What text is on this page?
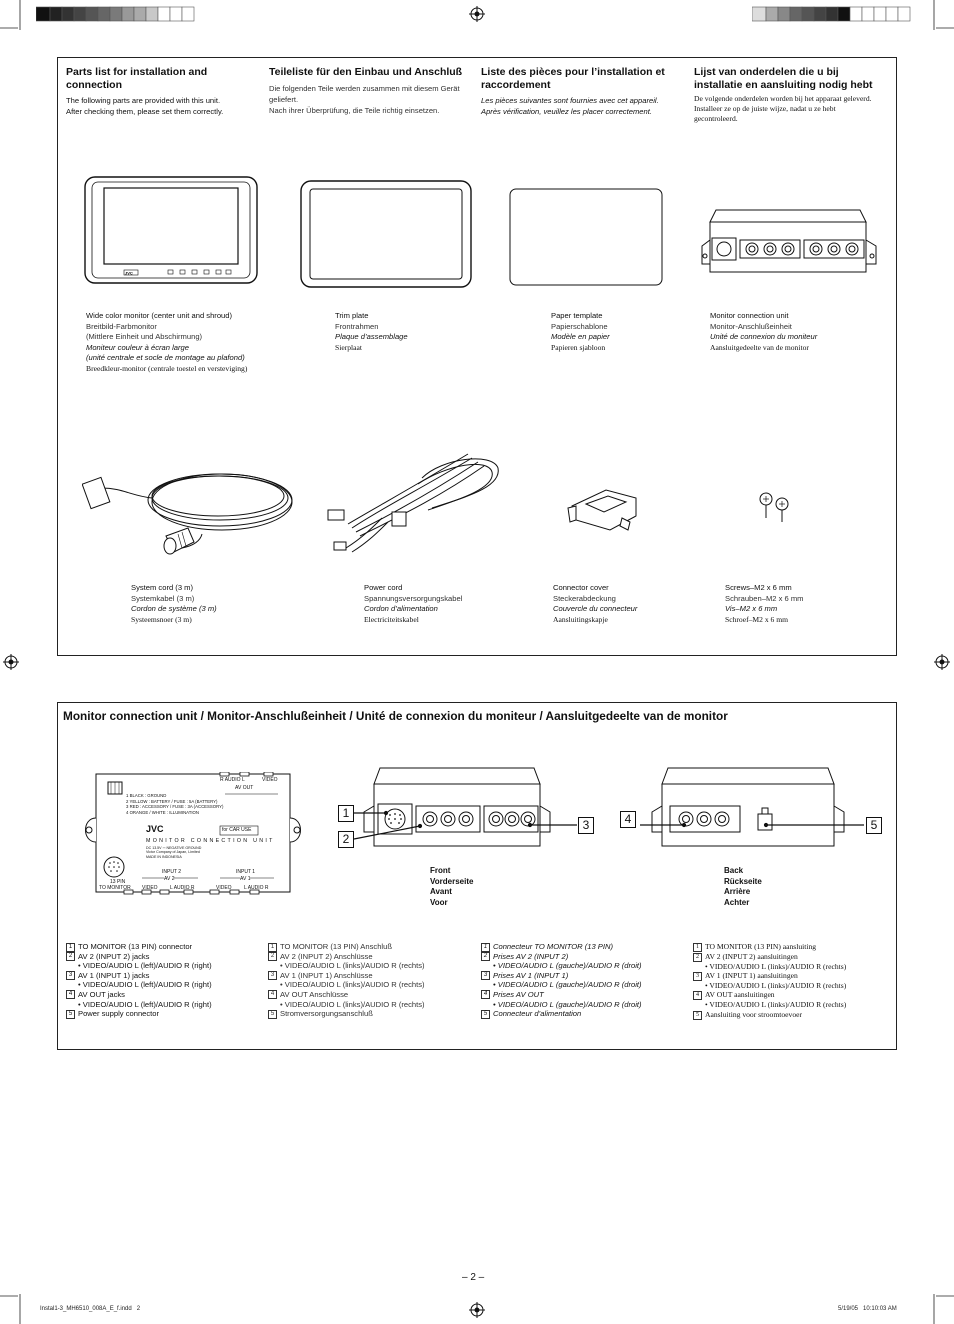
Parts list for installation and connection
The following parts are provided with this unit.
After checking them, please set them correctly.
Teileliste für den Einbau und Anschluß
Die folgenden Teile werden zusammen mit diesem Gerät geliefert.
Nach ihrer Überprüfung, die Teile richtig einsetzen.
Liste des pièces pour l’installation et raccordement
Les pièces suivantes sont fournies avec cet appareil.
Après vérification, veuillez les placer correctement.
Lijst van onderdelen die u bij installatie en aansluiting nodig hebt
De volgende onderdelen worden bij het apparaat geleverd.
Installeer ze op de juiste wijze, nadat u ze hebt gecontroleerd.
JVC
Wide color monitor (center unit and shroud)
Breitbild-Farbmonitor
(Mittlere Einheit und Abschirmung)
Moniteur couleur à écran large
(unité centrale et socle de montage au plafond)
Breedkleur-monitor (centrale toestel en versteviging)
Trim plate
Frontrahmen
Plaque d’assemblage
Sierplaat
Paper template
Papierschablone
Modèle en papier
Papieren sjabloon
Monitor connection unit
Monitor-Anschlußeinheit
Unité de connexion du moniteur
Aansluitgedeelte van de monitor
System cord (3 m)
Systemkabel (3 m)
Cordon de système (3 m)
Systeemsnoer (3 m)
Power cord
Spannungsversorgungskabel
Cordon d’alimentation
Electriciteitskabel
Connector cover
Steckerabdeckung
Couvercle du connecteur
Aansluitingskapje
Screws–M2 x 6 mm
Schrauben–M2 x 6 mm
Vis–M2 x 6 mm
Schroef–M2 x 6 mm
Monitor connection unit / Monitor-Anschlußeinheit / Unité de connexion du moniteur / Aansluitgedeelte van de monitor
R AUDIO L	VIDEO
AV OUT
1 BLACK : GROUND
2 YELLOW : BATTERY / FUSE : 5A (BATTERY)
3 RED : ACCESSORY / FUSE : 3A (ACCESSORY)
4 ORANGE / WHITE : ILLUMINATION
JVC	for CAR USE
MONITOR CONNECTION UNIT
DC 13.5V ⎓ NEGATIVE GROUND
Victor Company of Japan, Limited
MADE IN INDONESIA
INPUT 2	INPUT 1
AV 2	AV 1
13 PIN
TO MONITOR VIDEO L AUDIO R	VIDEO L AUDIO R
1
2
3
Front
Vorderseite
Avant
Voor
4	5
Back
Rückseite
Arrière
Achter
1 TO MONITOR (13 PIN) connector
2 AV 2 (INPUT 2) jacks
• VIDEO/AUDIO L (left)/AUDIO R (right)
3 AV 1 (INPUT 1) jacks
• VIDEO/AUDIO L (left)/AUDIO R (right)
4 AV OUT jacks
• VIDEO/AUDIO L (left)/AUDIO R (right)
5 Power supply connector
1 TO MONITOR (13 PIN) Anschluß
2 AV 2 (INPUT 2) Anschlüsse
• VIDEO/AUDIO L (links)/AUDIO R (rechts)
3 AV 1 (INPUT 1) Anschlüsse
• VIDEO/AUDIO L (links)/AUDIO R (rechts)
4 AV OUT Anschlüsse
• VIDEO/AUDIO L (links)/AUDIO R (rechts)
5 Stromversorgungsanschluß
1 Connecteur TO MONITOR (13 PIN)
2 Prises AV 2 (INPUT 2)
• VIDEO/AUDIO L (gauche)/AUDIO R (droit)
3 Prises AV 1 (INPUT 1)
• VIDEO/AUDIO L (gauche)/AUDIO R (droit)
4 Prises AV OUT
• VIDEO/AUDIO L (gauche)/AUDIO R (droit)
5 Connecteur d’alimentation
1 TO MONITOR (13 PIN) aansluiting
2 AV 2 (INPUT 2) aansluitingen
• VIDEO/AUDIO L (links)/AUDIO R (rechts)
3 AV 1 (INPUT 1) aansluitingen
• VIDEO/AUDIO L (links)/AUDIO R (rechts)
4 AV OUT aansluitingen
• VIDEO/AUDIO L (links)/AUDIO R (rechts)
5 Aansluiting voor stroomtoevoer
– 2 –
Instal1-3_MH6510_008A_E_f.indd   2	5/19/05   10:10:03 AM
